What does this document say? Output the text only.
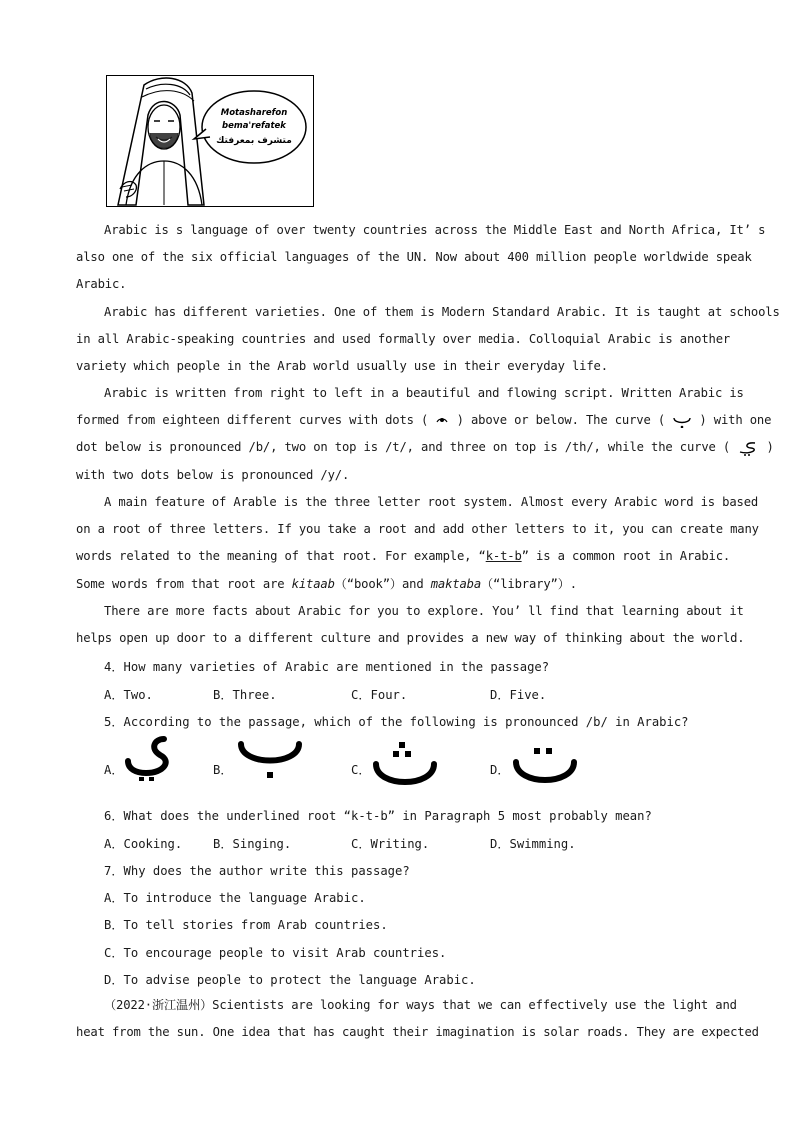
Motasharefon
bema'refatek
متشرف بمعرفتك
Arabic is s language of over twenty countries across the Middle East and North Africa, It’ s
also one of the six official languages of the UN. Now about 400 million people worldwide speak
Arabic.
Arabic has different varieties. One of them is Modern Standard Arabic. It is taught at schools
in all Arabic-speaking countries and used formally over media. Colloquial Arabic is another
variety which people in the Arab world usually use in their everyday life.
Arabic is written from right to left in a beautiful and flowing script. Written Arabic is
formed from eighteen different curves with dots ( ) above or below. The curve (	) with one
dot below is pronounced /b/, two on top is /t/, and three on top is /th/, while the curve (	)
with two dots below is pronounced /y/.
A main feature of Arable is the three letter root system. Almost every Arabic word is based
on a root of three letters. If you take a root and add other letters to it, you can create many
words related to the meaning of that root. For example, “k-t-b” is a common root in Arabic.
Some words from that root are kitaab（“book”）and maktaba（“library”）.
There are more facts about Arabic for you to explore. You’ ll find that learning about it
helps open up door to a different culture and provides a new way of thinking about the world.
4．How many varieties of Arabic are mentioned in the passage?
A．Two.	B．Three.	C．Four.	D．Five.
5．According to the passage, which of the following is pronounced /b/ in Arabic?
A．
ي
B．
ب
C．
ث
D．
ت
6．What does the underlined root “k-t-b” in Paragraph 5 most probably mean?
A．Cooking.	B．Singing.	C．Writing.	D．Swimming.
7．Why does the author write this passage?
A．To introduce the language Arabic.
B．To tell stories from Arab countries.
C．To encourage people to visit Arab countries.
D．To advise people to protect the language Arabic.
（2022·浙江温州）Scientists are looking for ways that we can effectively use the light and
heat from the sun. One idea that has caught their imagination is solar roads. They are expected
